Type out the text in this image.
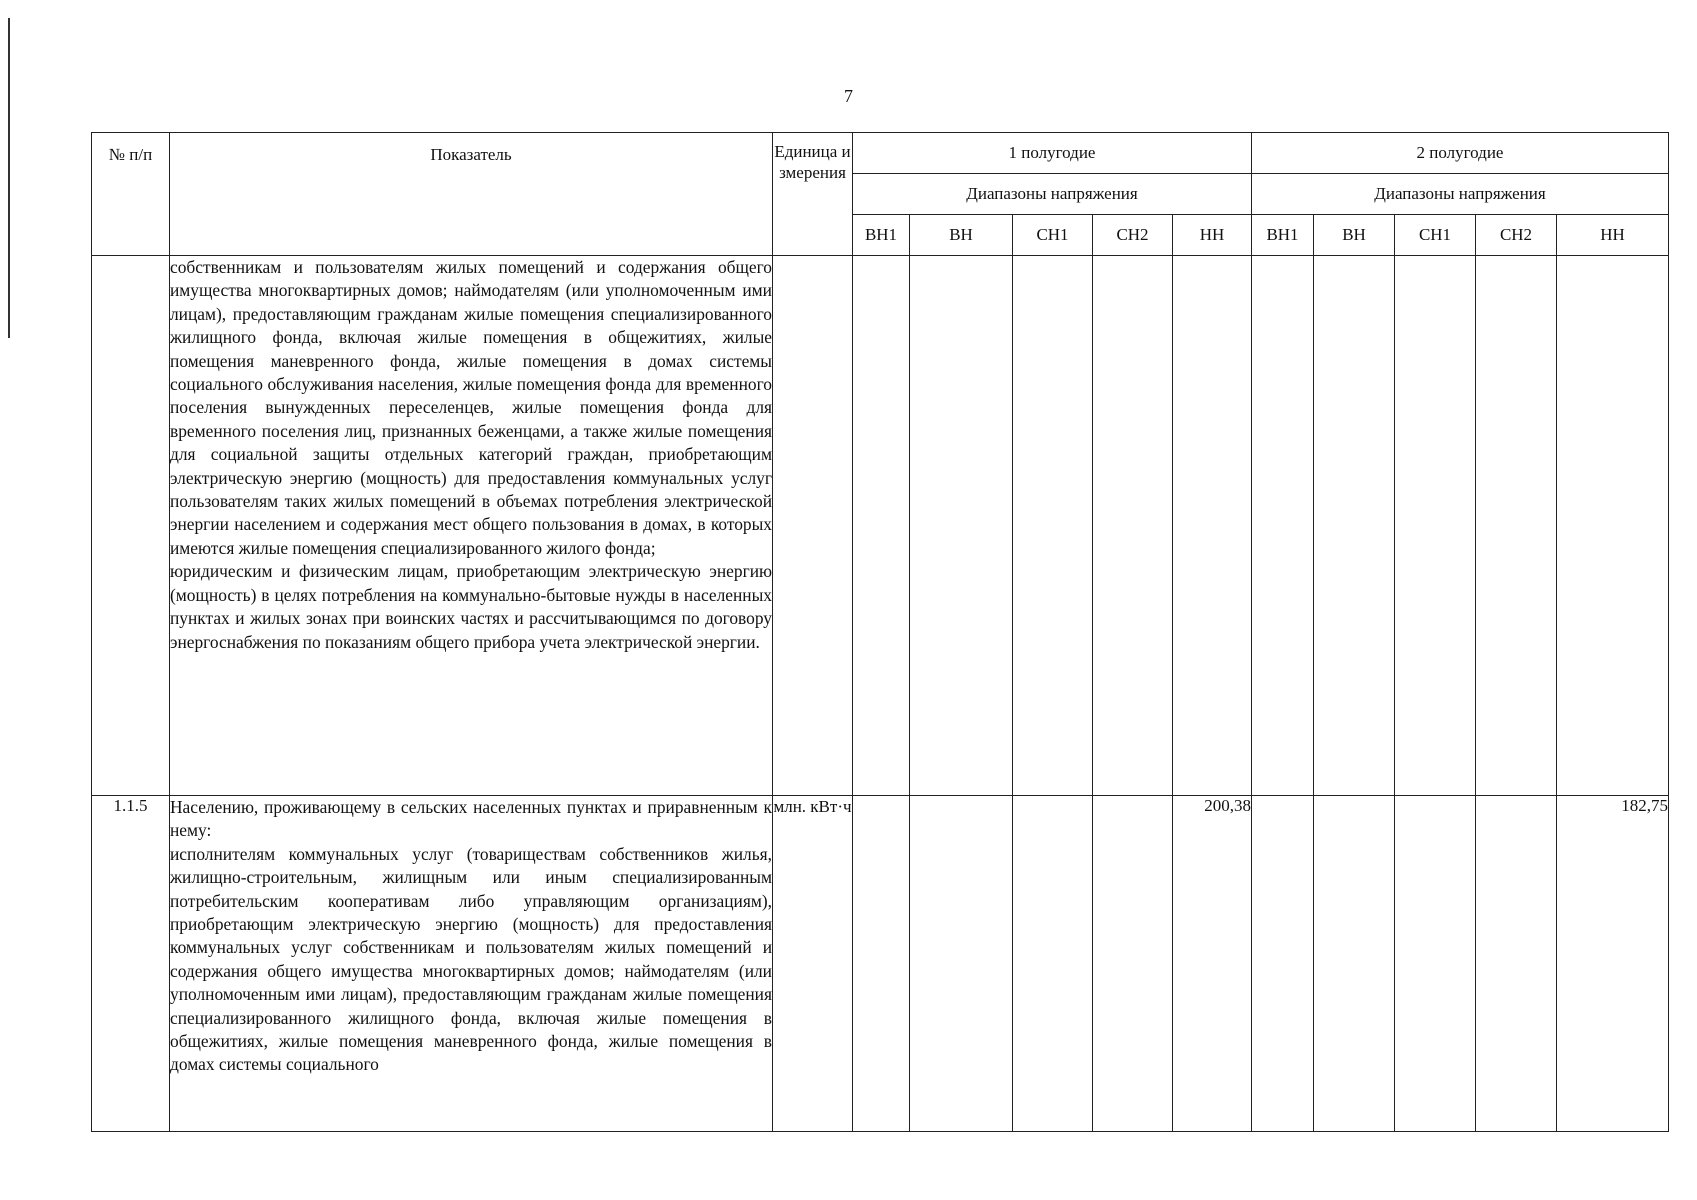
7
№ п/п	Показатель	Единица измерения	1 полугодие					2 полугодие				
			Диапазоны напряжения					Диапазоны напряжения				
			ВН1	ВН	СН1	СН2	НН	ВН1	ВН	СН1	СН2	НН

	собственникам и пользователям жилых помещений и содержания общего имущества многоквартирных домов; наймодателям (или уполномоченным ими лицам), предоставляющим гражданам жилые помещения специализированного жилищного фонда, включая жилые помещения в общежитиях, жилые помещения маневренного фонда, жилые помещения в домах системы социального обслуживания населения, жилые помещения фонда для временного поселения вынужденных переселенцев, жилые помещения фонда для временного поселения лиц, признанных беженцами, а также жилые помещения для социальной защиты отдельных категорий граждан, приобретающим электрическую энергию (мощность) для предоставления коммунальных услуг пользователям таких жилых помещений в объемах потребления электрической энергии населением и содержания мест общего пользования в домах, в которых имеются жилые помещения специализированного жилого фонда;

юридическим и физическим лицам, приобретающим электрическую энергию (мощность) в целях потребления на коммунально-бытовые нужды в населенных пунктах и жилых зонах при воинских частях и рассчитывающимся по договору энергоснабжения по показаниям общего прибора учета электрической энергии.											

1.1.5	Населению, проживающему в сельских населенных пунктах и приравненным к нему:

исполнителям коммунальных услуг (товариществам собственников жилья, жилищно-строительным, жилищным или иным специализированным потребительским кооперативам либо управляющим организациям), приобретающим электрическую энергию (мощность) для предоставления коммунальных услуг собственникам и пользователям жилых помещений и содержания общего имущества многоквартирных домов; наймодателям (или уполномоченным ими лицам), предоставляющим гражданам жилые помещения специализированного жилищного фонда, включая жилые помещения в общежитиях, жилые помещения маневренного фонда, жилые помещения в домах системы социального	млн. кВт·ч					200,38					182,75
